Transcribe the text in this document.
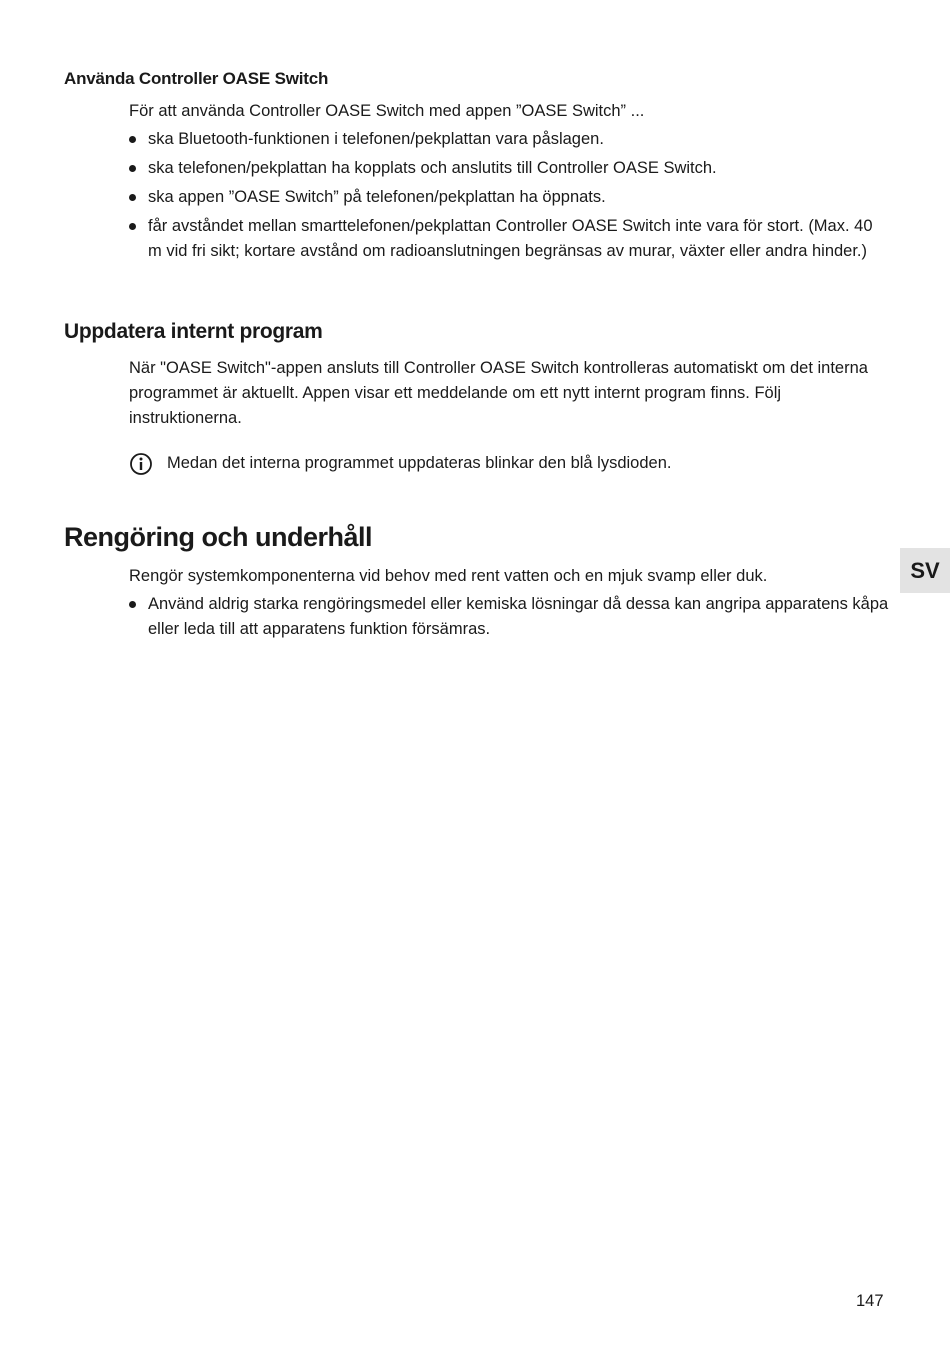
Använda Controller OASE Switch

För att använda Controller OASE Switch med appen ”OASE Switch” ...

ska Bluetooth-funktionen i telefonen/pekplattan vara påslagen.
ska telefonen/pekplattan ha kopplats och anslutits till Controller OASE Switch.
ska appen ”OASE Switch” på telefonen/pekplattan ha öppnats.
får avståndet mellan smarttelefonen/pekplattan Controller OASE Switch inte vara för stort. (Max. 40 m vid fri sikt; kortare avstånd om radioanslutningen begränsas av murar, växter eller andra hinder.)
Uppdatera internt program

När "OASE Switch"-appen ansluts till Controller OASE Switch kontrolleras automatiskt om det interna programmet är aktuellt. Appen visar ett meddelande om ett nytt internt program finns. Följ instruktionerna.

Medan det interna programmet uppdateras blinkar den blå lysdioden.
Rengöring och underhåll

Rengör systemkomponenterna vid behov med rent vatten och en mjuk svamp eller duk.

Använd aldrig starka rengöringsmedel eller kemiska lösningar då dessa kan angripa apparatens kåpa eller leda till att apparatens funktion försämras.
SV
147
